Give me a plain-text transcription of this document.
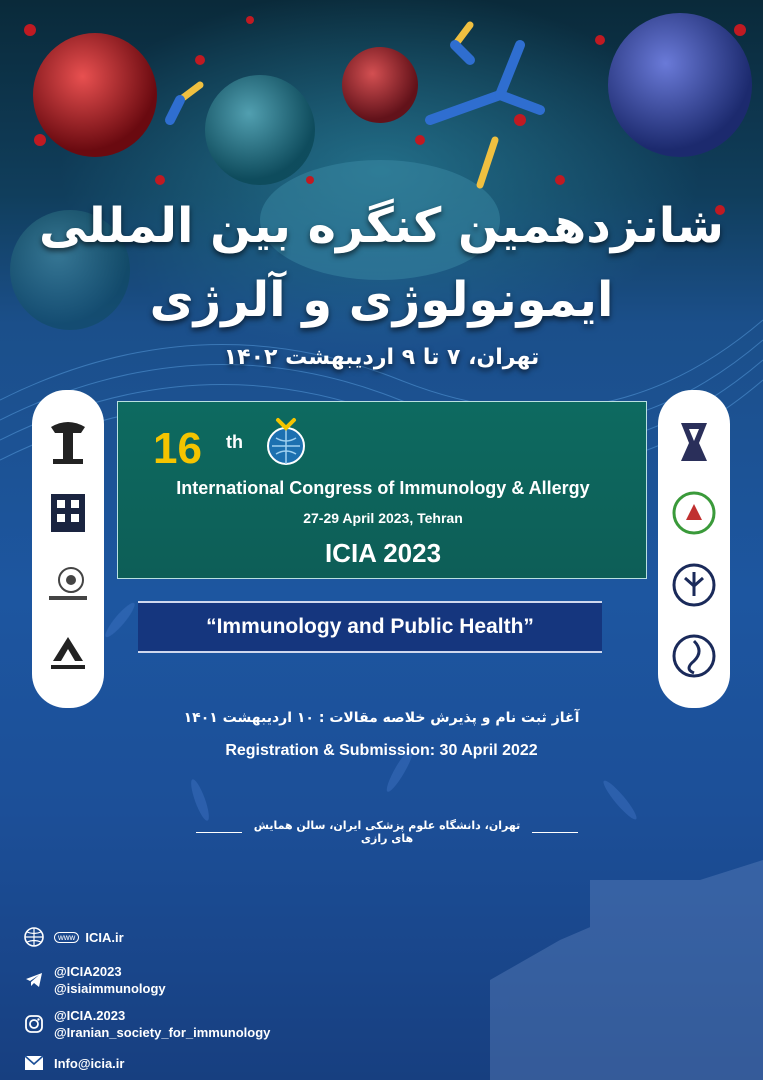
شانزدهمین کنگره بین المللی
ایمونولوژی و آلرژی
تهران، ۷ تا ۹ اردیبهشت ۱۴۰۲
16 th
International Congress of Immunology & Allergy
27-29 April 2023, Tehran
ICIA 2023
“Immunology and Public Health”
آغاز ثبت نام و پذیرش خلاصه مقالات : ۱۰ اردیبهشت ۱۴۰۱
Registration & Submission: 30 April 2022
تهران، دانشگاه علوم پزشکی ایران، سالن همایش های رازی
www ICIA.ir
@ICIA2023
@isiaimmunology
@ICIA.2023
@Iranian_society_for_immunology
Info@icia.ir
